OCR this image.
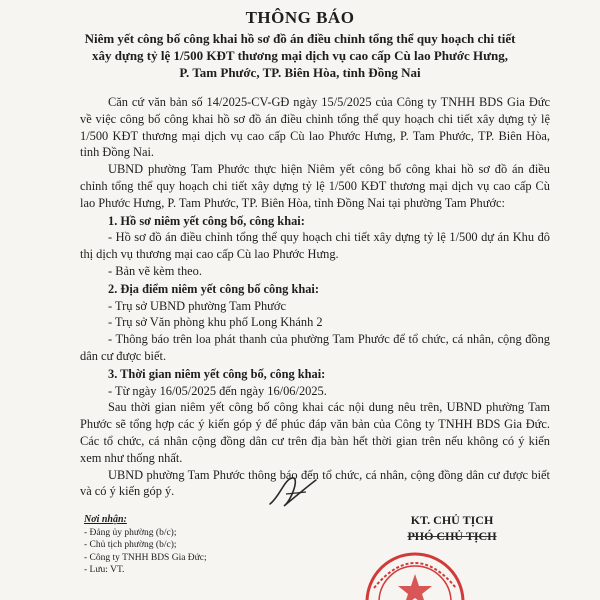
THÔNG BÁO
Niêm yết công bố công khai hồ sơ đồ án điều chỉnh tổng thể quy hoạch chi tiết
xây dựng tỷ lệ 1/500 KĐT thương mại dịch vụ cao cấp Cù lao Phước Hưng,
P. Tam Phước, TP. Biên Hòa, tỉnh Đồng Nai

Căn cứ văn bản số 14/2025-CV-GĐ ngày 15/5/2025 của Công ty TNHH BDS Gia Đức về việc công bố công khai hồ sơ đồ án điều chỉnh tổng thể quy hoạch chi tiết xây dựng tỷ lệ 1/500 KĐT thương mại dịch vụ cao cấp Cù lao Phước Hưng, P. Tam Phước, TP. Biên Hòa, tỉnh Đồng Nai.

UBND phường Tam Phước thực hiện Niêm yết công bố công khai hồ sơ đồ án điều chỉnh tổng thể quy hoạch chi tiết xây dựng tỷ lệ 1/500 KĐT thương mại dịch vụ cao cấp Cù lao Phước Hưng, P. Tam Phước, TP. Biên Hòa, tỉnh Đồng Nai tại phường Tam Phước:

1. Hồ sơ niêm yết công bố, công khai:

- Hồ sơ đồ án điều chỉnh tổng thể quy hoạch chi tiết xây dựng tỷ lệ 1/500 dự án Khu đô thị dịch vụ thương mại cao cấp Cù lao Phước Hưng.

- Bản vẽ kèm theo.

2. Địa điểm niêm yết công bố công khai:

- Trụ sở UBND phường Tam Phước

- Trụ sở Văn phòng khu phố Long Khánh 2

- Thông báo trên loa phát thanh của phường Tam Phước để tổ chức, cá nhân, cộng đồng dân cư được biết.

3. Thời gian niêm yết công bố, công khai:

- Từ ngày 16/05/2025 đến ngày 16/06/2025.

Sau thời gian niêm yết công bố công khai các nội dung nêu trên, UBND phường Tam Phước sẽ tổng hợp các ý kiến góp ý để phúc đáp văn bản của Công ty TNHH BDS Gia Đức. Các tổ chức, cá nhân cộng đồng dân cư trên địa bàn hết thời gian trên nếu không có ý kiến xem như thống nhất.

UBND phường Tam Phước thông báo đến tổ chức, cá nhân, cộng đồng dân cư được biết và có ý kiến góp ý.

Nơi nhận:
- Đảng ủy phường (b/c);
- Chủ tịch phường (b/c);
- Công ty TNHH BDS Gia Đức;
- Lưu: VT.
KT. CHỦ TỊCH
PHÓ CHỦ TỊCH
